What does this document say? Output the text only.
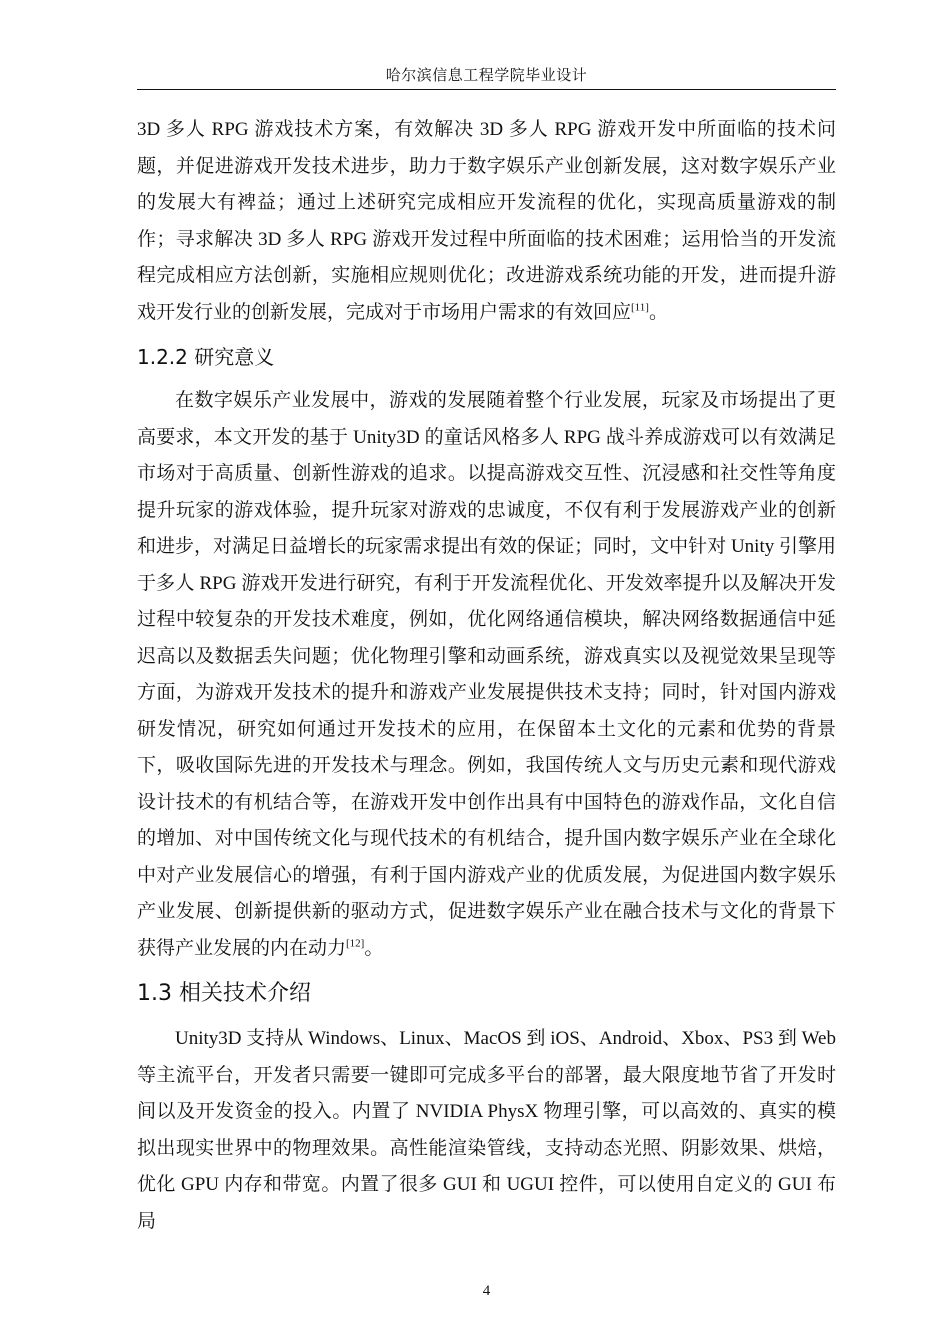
哈尔滨信息工程学院毕业设计

3D 多人 RPG 游戏技术方案，有效解决 3D 多人 RPG 游戏开发中所面临的技术问题，并促进游戏开发技术进步，助力于数字娱乐产业创新发展，这对数字娱乐产业的发展大有裨益；通过上述研究完成相应开发流程的优化，实现高质量游戏的制作；寻求解决 3D 多人 RPG 游戏开发过程中所面临的技术困难；运用恰当的开发流程完成相应方法创新，实施相应规则优化；改进游戏系统功能的开发，进而提升游戏开发行业的创新发展，完成对于市场用户需求的有效回应[11]。

1.2.2 研究意义

在数字娱乐产业发展中，游戏的发展随着整个行业发展，玩家及市场提出了更高要求，本文开发的基于 Unity3D 的童话风格多人 RPG 战斗养成游戏可以有效满足市场对于高质量、创新性游戏的追求。以提高游戏交互性、沉浸感和社交性等角度提升玩家的游戏体验，提升玩家对游戏的忠诚度，不仅有利于发展游戏产业的创新和进步，对满足日益增长的玩家需求提出有效的保证；同时，文中针对 Unity 引擎用于多人 RPG 游戏开发进行研究，有利于开发流程优化、开发效率提升以及解决开发过程中较复杂的开发技术难度，例如，优化网络通信模块，解决网络数据通信中延迟高以及数据丢失问题；优化物理引擎和动画系统，游戏真实以及视觉效果呈现等方面，为游戏开发技术的提升和游戏产业发展提供技术支持；同时，针对国内游戏研发情况，研究如何通过开发技术的应用，在保留本土文化的元素和优势的背景下，吸收国际先进的开发技术与理念。例如，我国传统人文与历史元素和现代游戏设计技术的有机结合等，在游戏开发中创作出具有中国特色的游戏作品，文化自信的增加、对中国传统文化与现代技术的有机结合，提升国内数字娱乐产业在全球化中对产业发展信心的增强，有利于国内游戏产业的优质发展，为促进国内数字娱乐产业发展、创新提供新的驱动方式，促进数字娱乐产业在融合技术与文化的背景下获得产业发展的内在动力[12]。

1.3 相关技术介绍

Unity3D 支持从 Windows、Linux、MacOS 到 iOS、Android、Xbox、PS3 到 Web 等主流平台，开发者只需要一键即可完成多平台的部署，最大限度地节省了开发时间以及开发资金的投入。内置了 NVIDIA PhysX 物理引擎，可以高效的、真实的模拟出现实世界中的物理效果。高性能渲染管线，支持动态光照、阴影效果、烘焙，优化 GPU 内存和带宽。内置了很多 GUI 和 UGUI 控件，可以使用自定义的 GUI 布局

4
